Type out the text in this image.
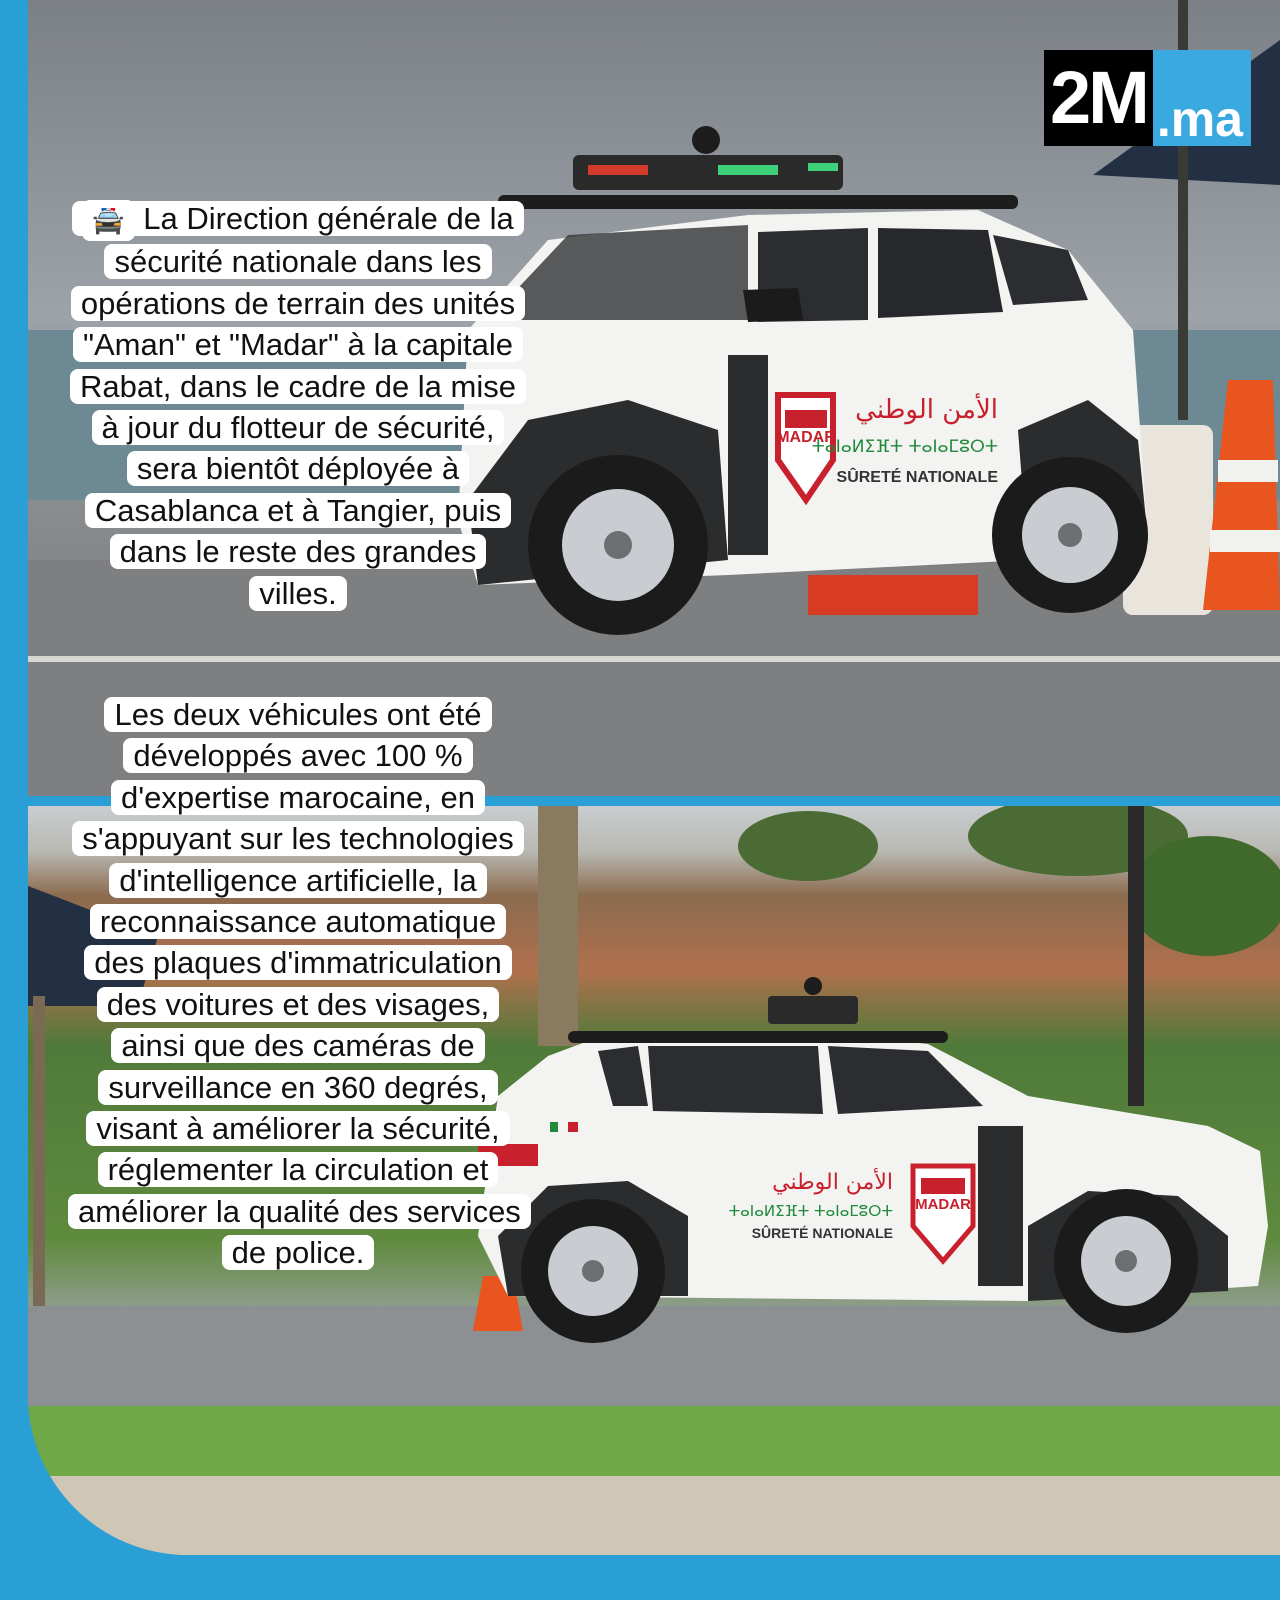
MADAR
الأمن الوطني
ⵜⴰⵏⴰⵍⵉⴼⵜ ⵜⴰⵏⴰⵎⵓⵔⵜ
SÛRETÉ NATIONALE
2M .ma
MADAR
الأمن الوطني
ⵜⴰⵏⴰⵍⵉⴼⵜ ⵜⴰⵏⴰⵎⵓⵔⵜ
SÛRETÉ NATIONALE
🚔 La Direction générale de la sécurité nationale dans les opérations de terrain des unités "Aman" et "Madar" à la capitale Rabat, dans le cadre de la mise à jour du flotteur de sécurité, sera bientôt déployée à Casablanca et à Tangier, puis dans le reste des grandes villes.
Les deux véhicules ont été développés avec 100 % d'expertise marocaine, en s'appuyant sur les technologies d'intelligence artificielle, la reconnaissance automatique des plaques d'immatriculation des voitures et des visages, ainsi que des caméras de surveillance en 360 degrés, visant à améliorer la sécurité, réglementer la circulation et améliorer la qualité des services de police.
